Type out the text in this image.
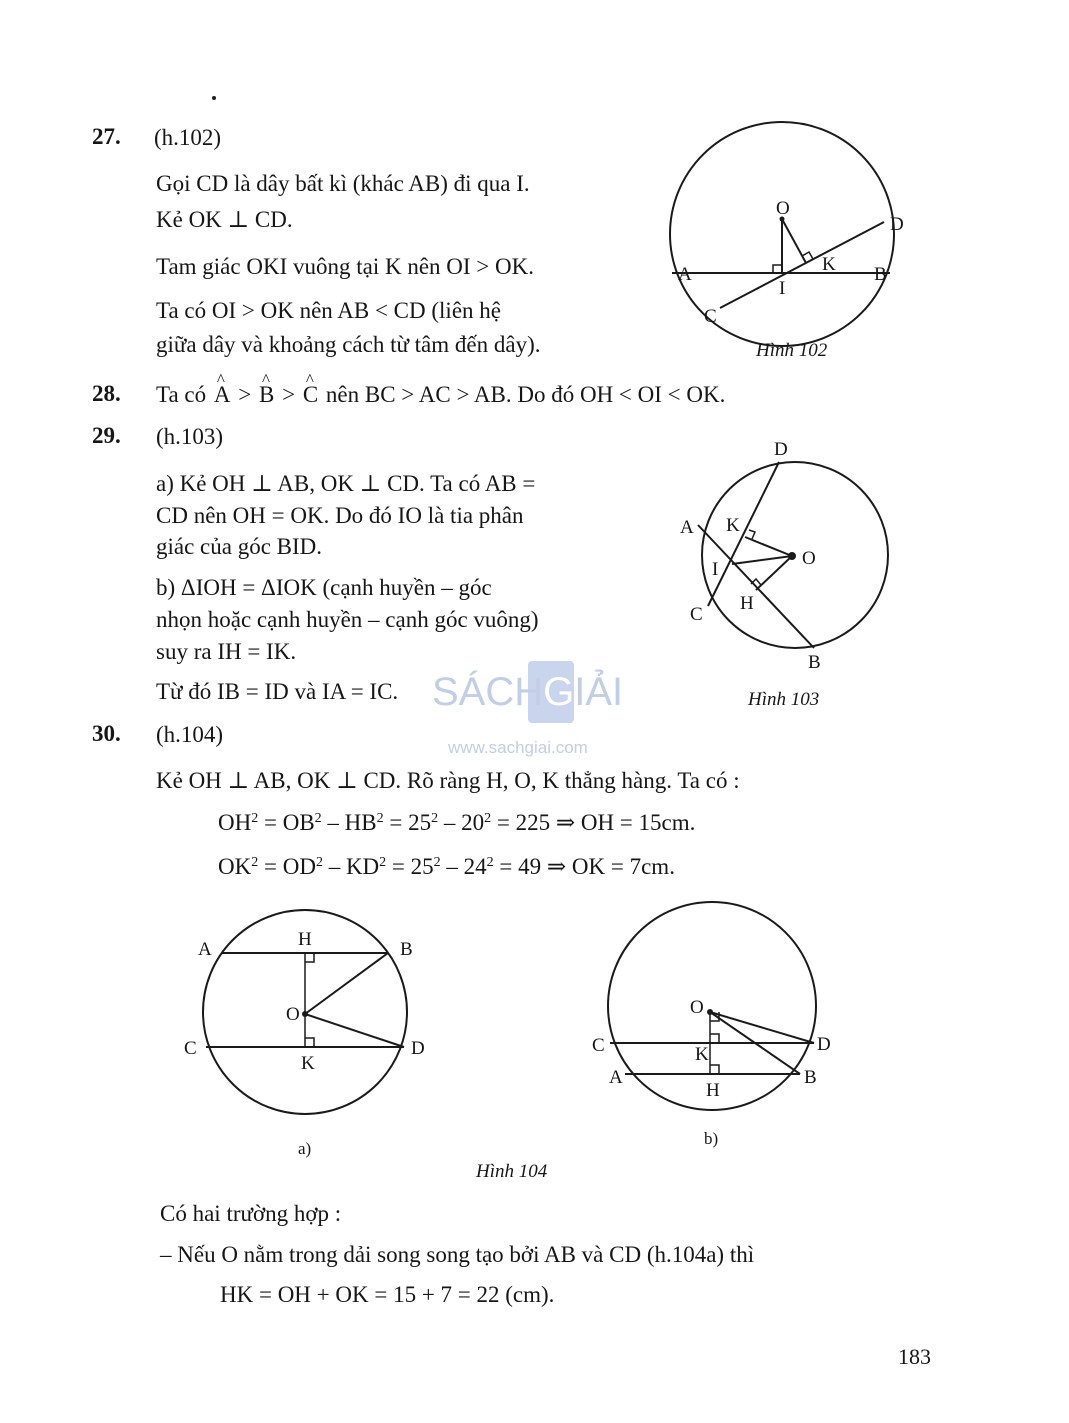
27. (h.102)
Gọi CD là dây bất kì (khác AB) đi qua I.
Kẻ OK ⊥ CD.
Tam giác OKI vuông tại K nên OI > OK.
Ta có OI > OK nên AB < CD (liên hệ
giữa dây và khoảng cách từ tâm đến dây).
O
D
A	K B
I
C
Hình 102
28. Ta có ^ A > ^ B > ^ C nên BC > AC > AB. Do đó OH < OI < OK.
29. (h.103)
a) Kẻ OH ⊥ AB, OK ⊥ CD. Ta có AB =
CD nên OH = OK. Do đó IO là tia phân
giác của góc BID.
b) ΔIOH = ΔIOK (cạnh huyền – góc
nhọn hoặc cạnh huyền – cạnh góc vuông)
suy ra IH = IK.
Từ đó IB = ID và IA = IC.
D
A K
O
I
H
C
B
Hình 103
SÁCHGIẢI
www.sachgiai.com
30. (h.104)
Kẻ OH ⊥ AB, OK ⊥ CD. Rõ ràng H, O, K thẳng hàng. Ta có :
$OH^2 = OB^2 - HB^2 = 25^2 - 20^2 = 225$ ⇒ OH = 15cm.
$OK^2 = OD^2 - KD^2 = 25^2 - 24^2 = 49$ ⇒ OK = 7cm.
A	H	B
O
C
K
D
a)
O
C	D
K
A
H
B
b)
Hình 104
Có hai trường hợp :
– Nếu O nằm trong dải song song tạo bởi AB và CD (h.104a) thì
HK = OH + OK = 15 + 7 = 22 (cm).
183
